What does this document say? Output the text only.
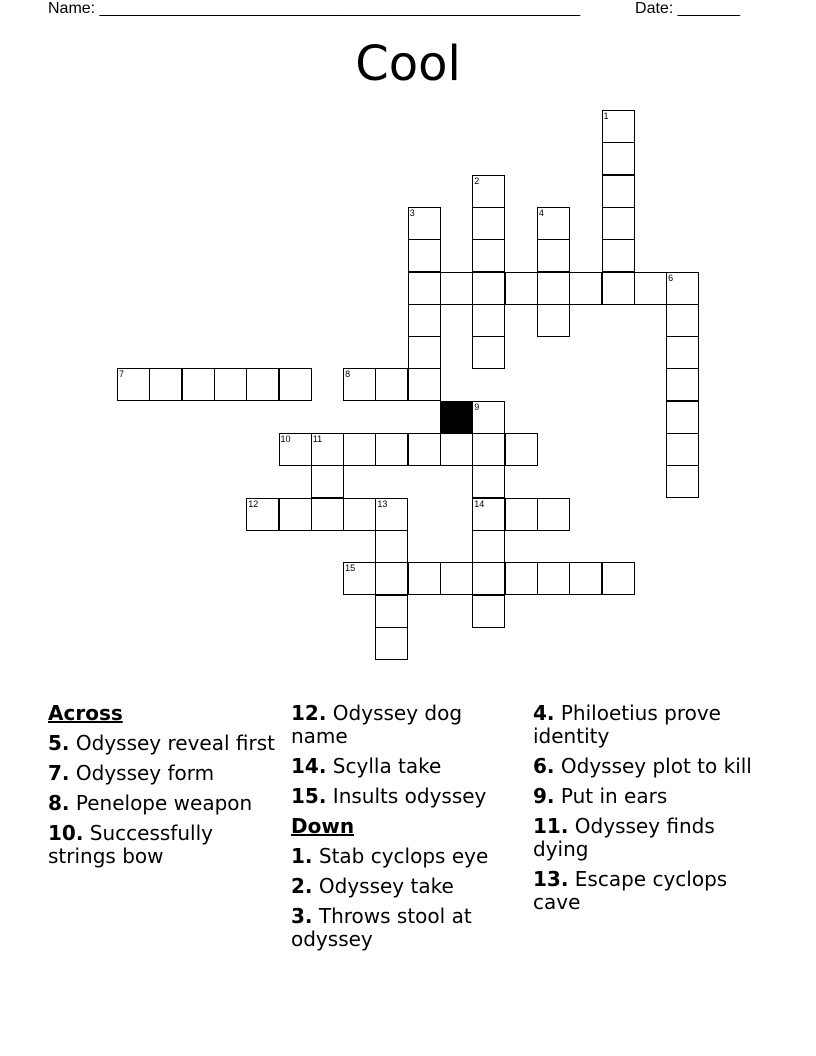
Name: ______________________________________________________	Date: _______
Cool
1
2
3	4
6
7	8
9
10 11
12	13	14
15
Across
5. Odyssey reveal first
7. Odyssey form
8. Penelope weapon
10. Successfully strings bow
12. Odyssey dog name
14. Scylla take
15. Insults odyssey
Down
1. Stab cyclops eye
2. Odyssey take
3. Throws stool at odyssey
4. Philoetius prove identity
6. Odyssey plot to kill
9. Put in ears
11. Odyssey finds dying
13. Escape cyclops cave
